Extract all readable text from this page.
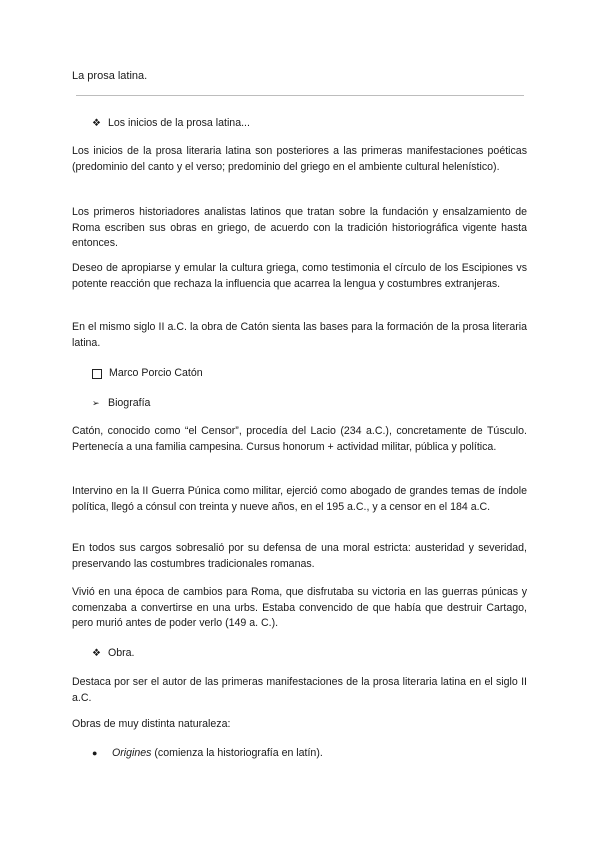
La prosa latina.
❖ Los inicios de la prosa latina...

Los inicios de la prosa literaria latina son posteriores a las primeras manifestaciones poéticas (predominio del canto y el verso; predominio del griego en el ambiente cultural helenístico).

Los primeros historiadores analistas latinos que tratan sobre la fundación y ensalzamiento de Roma escriben sus obras en griego, de acuerdo con la tradición historiográfica vigente hasta entonces.

Deseo de apropiarse y emular la cultura griega, como testimonia el círculo de los Escipiones vs potente reacción que rechaza la influencia que acarrea la lengua y costumbres extranjeras.

En el mismo siglo II a.C. la obra de Catón sienta las bases para la formación de la prosa literaria latina.

Marco Porcio Catón
➢ Biografía

Catón, conocido como “el Censor”, procedía del Lacio (234 a.C.), concretamente de Túsculo. Pertenecía a una familia campesina. Cursus honorum + actividad militar, pública y política.

Intervino en la II Guerra Púnica como militar, ejerció como abogado de grandes temas de índole política, llegó a cónsul con treinta y nueve años, en el 195 a.C., y a censor en el 184 a.C.

En todos sus cargos sobresalió por su defensa de una moral estricta: austeridad y severidad, preservando las costumbres tradicionales romanas.

Vivió en una época de cambios para Roma, que disfrutaba su victoria en las guerras púnicas y comenzaba a convertirse en una urbs. Estaba convencido de que había que destruir Cartago, pero murió antes de poder verlo (149 a. C.).

❖ Obra.

Destaca por ser el autor de las primeras manifestaciones de la prosa literaria latina en el siglo II a.C.

Obras de muy distinta naturaleza:

●	Origines (comienza la historiografía en latín).
